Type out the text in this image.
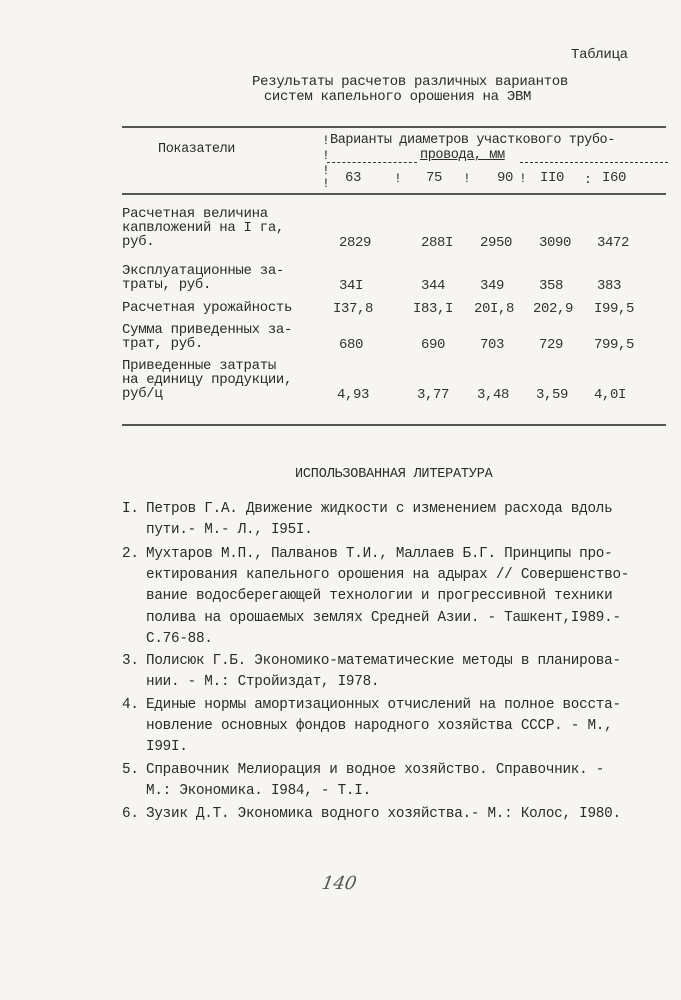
Таблица
Результаты расчетов различных вариантов
систем капельного орошения на ЭВМ
Показатели
!
!
!
!
Варианты диаметров участкового трубо-
провода, мм
63	! 75 ! 90 ! II0 : I60
Расчетная величина
капвложений на I га,
руб.	2829	288I 2950 3090 3472
Эксплуатационные за-
траты, руб.	34I	344 349 358 383
Расчетная урожайность	I37,8	I83,I 20I,8 202,9 I99,5
Сумма приведенных за-
трат, руб.	680	690 703 729 799,5
Приведенные затраты
на единицу продукции,
руб/ц	4,93	3,77 3,48 3,59 4,0I
ИСПОЛЬЗОВАННАЯ ЛИТЕРАТУРА
I. Петров Г.А. Движение жидкости с изменением расхода вдоль
пути.- М.- Л., I95I.
2. Мухтаров М.П., Палванов Т.И., Маллаев Б.Г. Принципы про-
ектирования капельного орошения на адырах // Совершенство-
вание водосберегающей технологии и прогрессивной техники
полива на орошаемых землях Средней Азии. - Ташкент,I989.-
С.76-88.
3. Полисюк Г.Б. Экономико-математические методы в планирова-
нии. - М.: Стройиздат, I978.
4. Единые нормы амортизационных отчислений на полное восста-
новление основных фондов народного хозяйства СССР. - М.,
I99I.
5. Справочник Мелиорация и водное хозяйство. Справочник. -
М.: Экономика. I984, - Т.I.
6. Зузик Д.Т. Экономика водного хозяйства.- М.: Колос, I980.
140
